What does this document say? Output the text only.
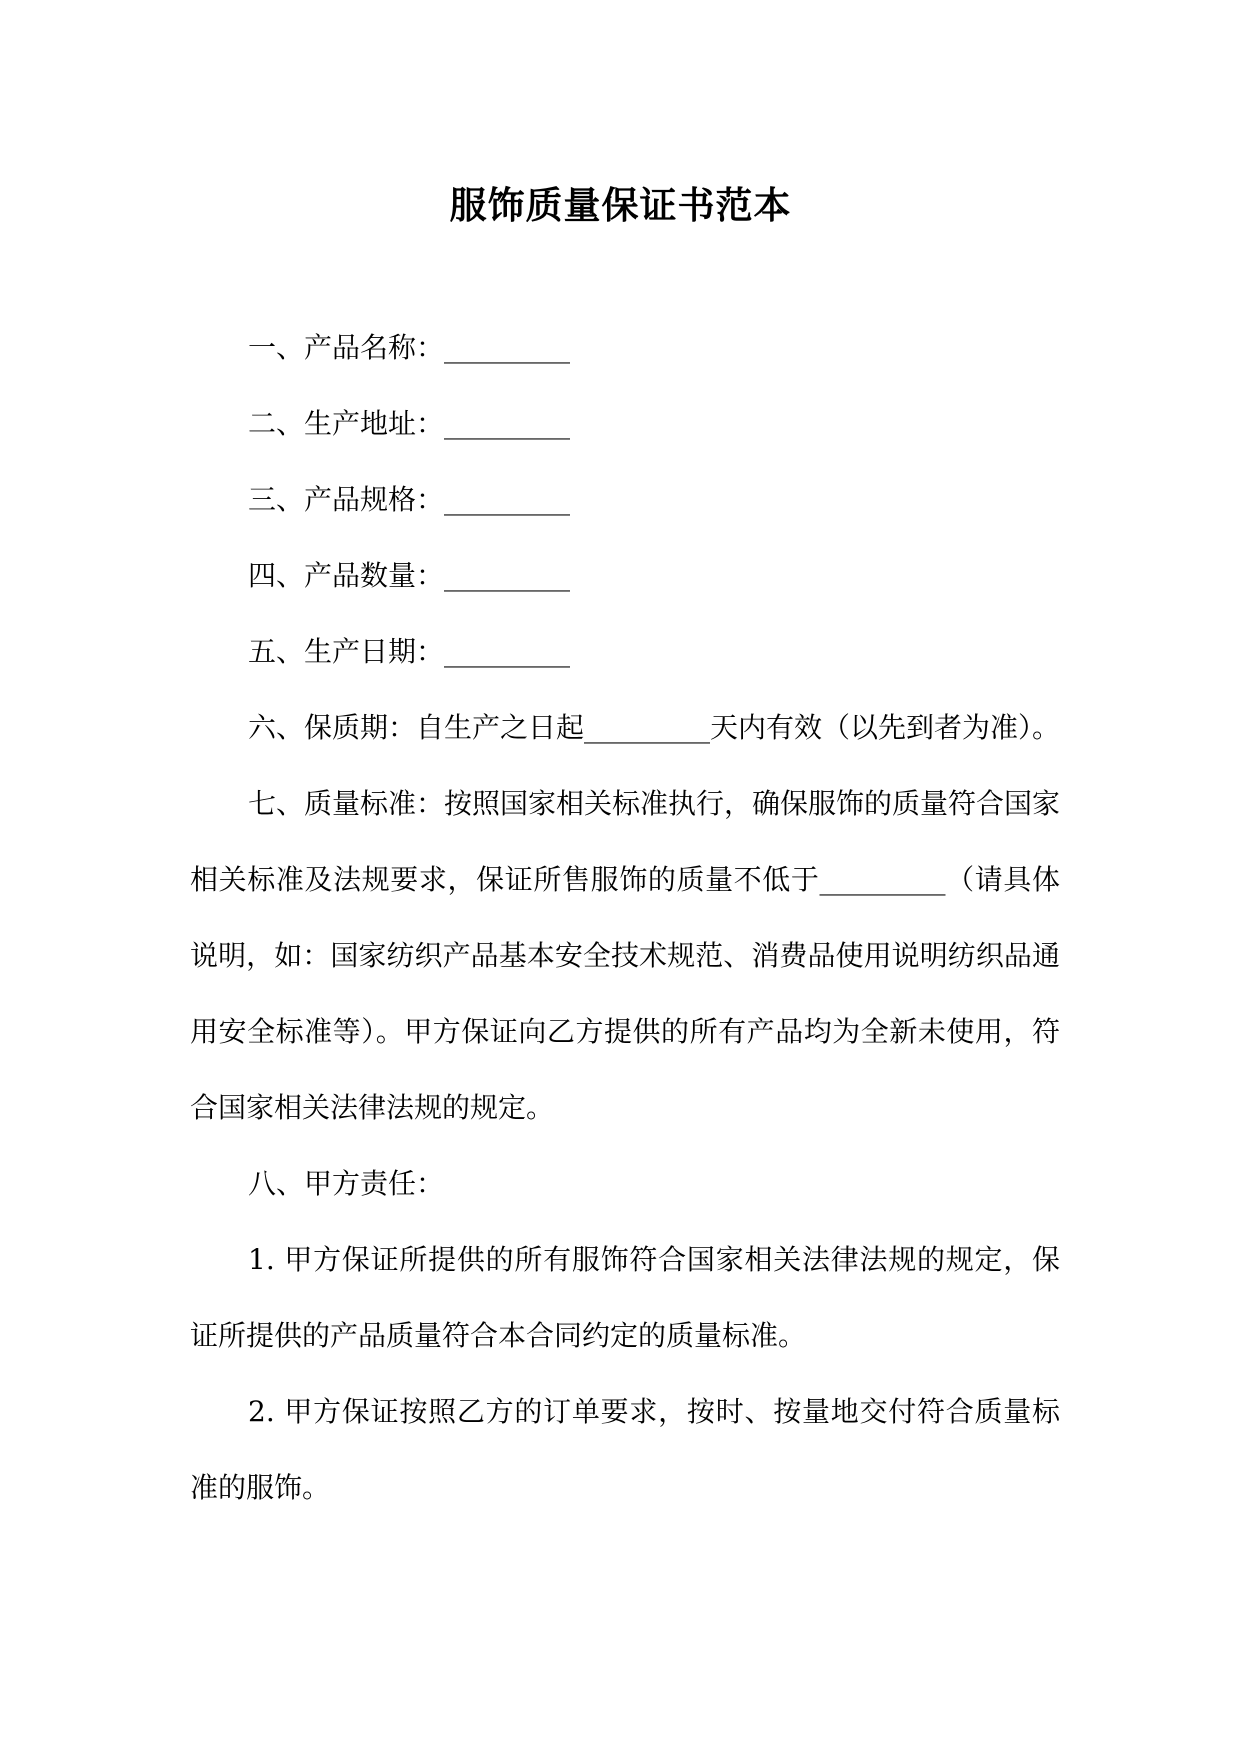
服饰质量保证书范本

一、产品名称：_________

二、生产地址：_________

三、产品规格：_________

四、产品数量：_________

五、生产日期：_________

六、保质期：自生产之日起_________天内有效（以先到者为准）。

七、质量标准：按照国家相关标准执行，确保服饰的质量符合国家相关标准及法规要求，保证所售服饰的质量不低于_________（请具体说明，如：国家纺织产品基本安全技术规范、消费品使用说明纺织品通用安全标准等）。甲方保证向乙方提供的所有产品均为全新未使用，符合国家相关法律法规的规定。

八、甲方责任：

1. 甲方保证所提供的所有服饰符合国家相关法律法规的规定，保证所提供的产品质量符合本合同约定的质量标准。

2. 甲方保证按照乙方的订单要求，按时、按量地交付符合质量标准的服饰。
